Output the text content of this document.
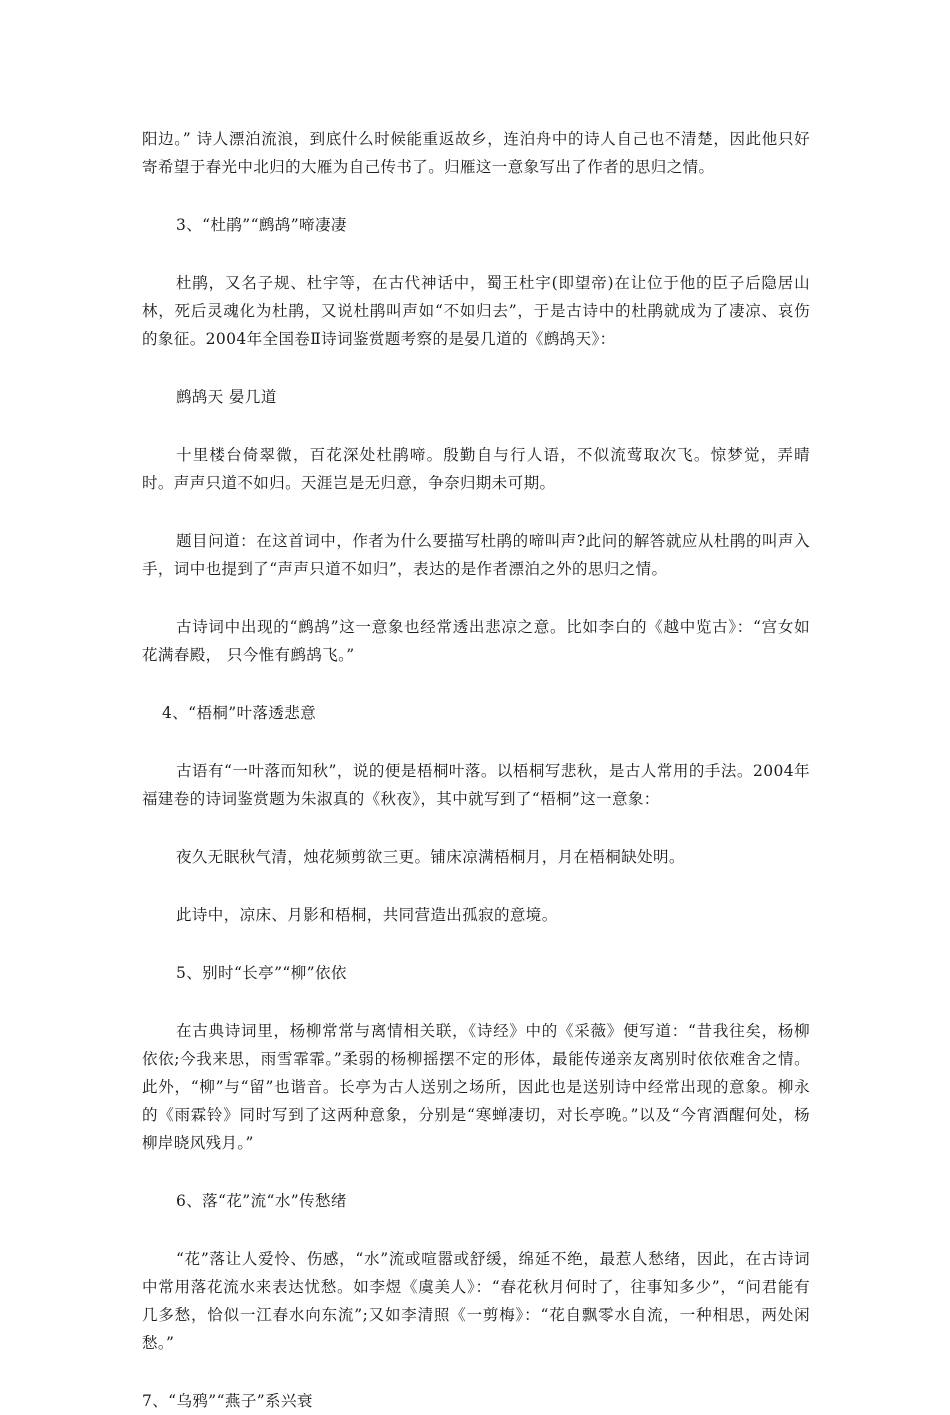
阳边。” 诗人漂泊流浪，到底什么时候能重返故乡，连泊舟中的诗人自己也不清楚，因此他只好寄希望于春光中北归的大雁为自己传书了。归雁这一意象写出了作者的思归之情。

3、“杜鹃”“鹧鸪”啼凄凄

杜鹃，又名子规、杜宇等，在古代神话中，蜀王杜宇(即望帝)在让位于他的臣子后隐居山林，死后灵魂化为杜鹃，又说杜鹃叫声如“不如归去”，于是古诗中的杜鹃就成为了凄凉、哀伤的象征。2004年全国卷Ⅱ诗词鉴赏题考察的是晏几道的《鹧鸪天》：

鹧鸪天 晏几道

十里楼台倚翠微，百花深处杜鹃啼。殷勤自与行人语，不似流莺取次飞。惊梦觉，弄晴时。声声只道不如归。天涯岂是无归意，争奈归期未可期。

题目问道：在这首词中，作者为什么要描写杜鹃的啼叫声?此问的解答就应从杜鹃的叫声入手，词中也提到了“声声只道不如归”，表达的是作者漂泊之外的思归之情。

古诗词中出现的“鹧鸪”这一意象也经常透出悲凉之意。比如李白的《越中览古》：“宫女如花满春殿， 只今惟有鹧鸪飞。”

4、“梧桐”叶落透悲意

古语有“一叶落而知秋”，说的便是梧桐叶落。以梧桐写悲秋，是古人常用的手法。2004年福建卷的诗词鉴赏题为朱淑真的《秋夜》，其中就写到了“梧桐”这一意象：

夜久无眠秋气清，烛花频剪欲三更。铺床凉满梧桐月，月在梧桐缺处明。

此诗中，凉床、月影和梧桐，共同营造出孤寂的意境。

5、别时“长亭”“柳”依依

在古典诗词里，杨柳常常与离情相关联，《诗经》中的《采薇》便写道：“昔我往矣，杨柳依依;今我来思，雨雪霏霏。”柔弱的杨柳摇摆不定的形体，最能传递亲友离别时依依难舍之情。此外，“柳”与“留”也谐音。长亭为古人送别之场所，因此也是送别诗中经常出现的意象。柳永的《雨霖铃》同时写到了这两种意象，分别是“寒蝉凄切，对长亭晚。”以及“今宵酒醒何处，杨柳岸晓风残月。”

6、落“花”流“水”传愁绪

“花”落让人爱怜、伤感，“水”流或喧嚣或舒缓，绵延不绝，最惹人愁绪，因此，在古诗词中常用落花流水来表达忧愁。如李煜《虞美人》：“春花秋月何时了，往事知多少”，“问君能有几多愁，恰似一江春水向东流”;又如李清照《一剪梅》：“花自飘零水自流，一种相思，两处闲愁。”

7、“乌鸦”“燕子”系兴衰
